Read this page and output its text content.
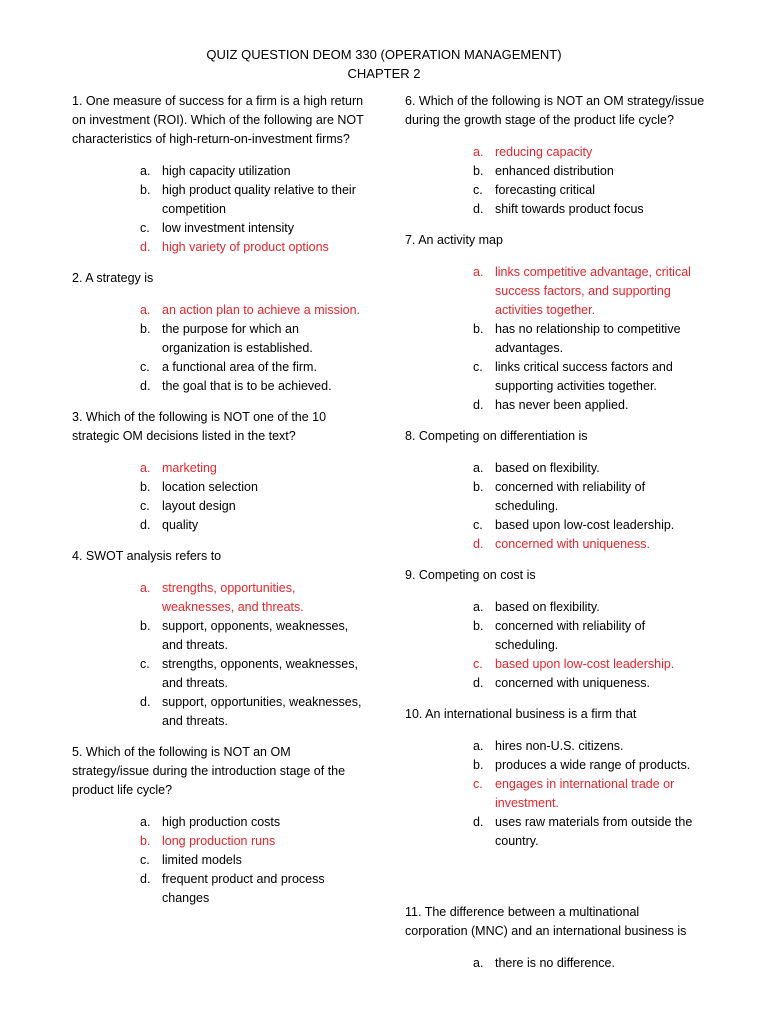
QUIZ QUESTION DEOM 330 (OPERATION MANAGEMENT)
CHAPTER 2
1. One measure of success for a firm is a high return on investment (ROI). Which of the following are NOT characteristics of high-return-on-investment firms?
a. high capacity utilization
b. high product quality relative to their competition
c. low investment intensity
d. high variety of product options
2. A strategy is
a. an action plan to achieve a mission.
b. the purpose for which an organization is established.
c. a functional area of the firm.
d. the goal that is to be achieved.
3. Which of the following is NOT one of the 10 strategic OM decisions listed in the text?
a. marketing
b. location selection
c. layout design
d. quality
4. SWOT analysis refers to
a. strengths, opportunities, weaknesses, and threats.
b. support, opponents, weaknesses, and threats.
c. strengths, opponents, weaknesses, and threats.
d. support, opportunities, weaknesses, and threats.
5. Which of the following is NOT an OM strategy/issue during the introduction stage of the product life cycle?
a. high production costs
b. long production runs
c. limited models
d. frequent product and process changes
6. Which of the following is NOT an OM strategy/issue during the growth stage of the product life cycle?
a. reducing capacity
b. enhanced distribution
c. forecasting critical
d. shift towards product focus
7. An activity map
a. links competitive advantage, critical success factors, and supporting activities together.
b. has no relationship to competitive advantages.
c. links critical success factors and supporting activities together.
d. has never been applied.
8. Competing on differentiation is
a. based on flexibility.
b. concerned with reliability of scheduling.
c. based upon low-cost leadership.
d. concerned with uniqueness.
9. Competing on cost is
a. based on flexibility.
b. concerned with reliability of scheduling.
c. based upon low-cost leadership.
d. concerned with uniqueness.
10. An international business is a firm that
a. hires non-U.S. citizens.
b. produces a wide range of products.
c. engages in international trade or investment.
d. uses raw materials from outside the country.
11. The difference between a multinational corporation (MNC) and an international business is
a. there is no difference.
